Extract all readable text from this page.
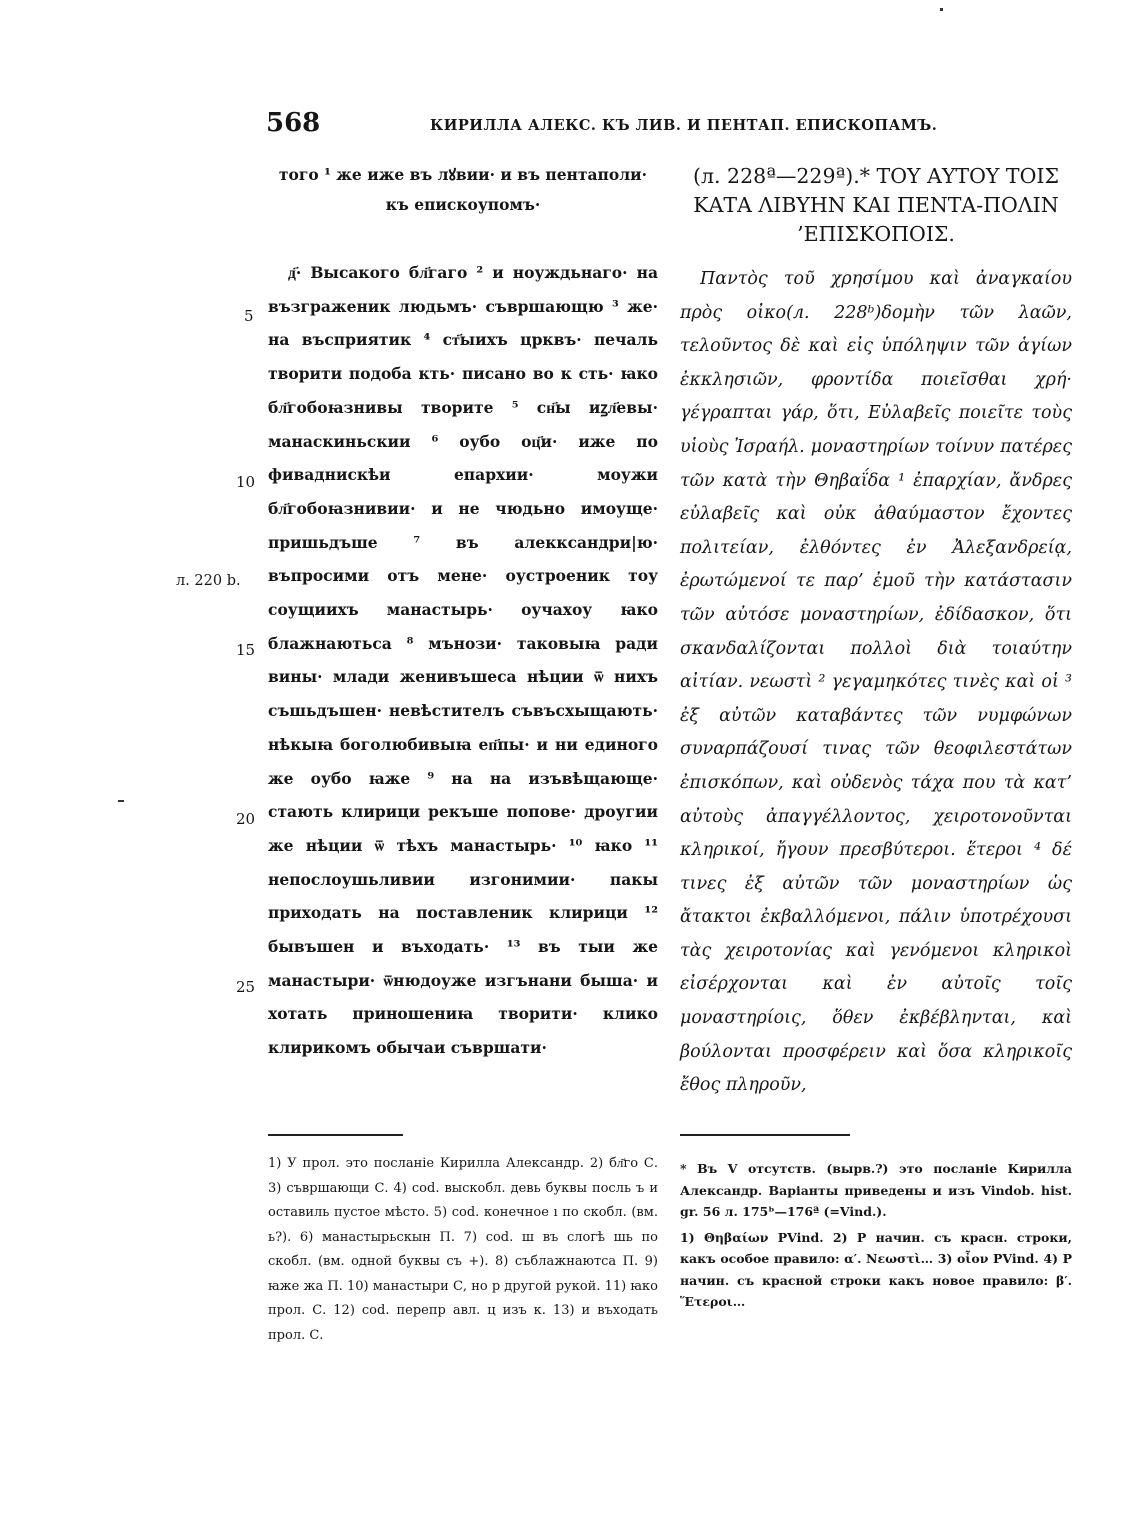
568	КИРИЛЛА АЛЕКС. КЪ ЛИВ. И ПЕНТАП. ЕПИСКОПАМЪ.

того ¹ же иже въ лꙋвии· и въ пентаполи· къ епискоупомъ·

д҃· Высакого бл҃гаго ² и ноуждьнаго· на възграженик людьмъ· съвршающю ³ же· на въсприятик ⁴ ст҃ыихъ црквъ· печаль творити подоба кть· писано во к сть· ꙗко бл҃гобоꙗзнивы творите ⁵ сн҃ы иꙁл҃евы· манаскиньскии ⁶ оубо оц҃и· иже по фиваднискѣи епархии· моужи бл҃гобоꙗзнивии· и не чюдьно имоуще· пришьдъше ⁷ въ алекксандри|ю· въпросими отъ мене· оустроеник тоу соущиихъ манастырь· оучахоу ꙗко блажнаютьса ⁸ мънози· таковыꙗ ради вины· млади женивъшеса нѣции ѿ нихъ съшьдъшен· невѣстителъ съвъсхыщають· нѣкыꙗ боголюбивыꙗ еп҃пы· и ни единого же оубо ꙗже ⁹ на на изъвѣщающе· стають клирици рекъше попове· дроугии же нѣции ѿ тѣхъ манастырь· ¹⁰ ꙗко ¹¹ непослоушьливии изгонимии· пакы приходать на поставленик клирици ¹² бывъшен и въходать· ¹³ въ тыи же манастыри· ѿнюдоуже изгънани бышa· и хотать приношениꙗ творити· клико клирикомъ обычаи съвршати·

(л. 228ª—229ª).* ΤΟΥ ΑΥΤΟΥ ΤΟΙΣ ΚΑΤΑ ΛΙΒΥΗΝ ΚΑΙ ΠΕΝΤΑ-ΠΟΛΙΝ ’ΕΠΙΣΚΟΠΟΙΣ.

Παντὸς τοῦ χρησίμου καὶ ἀναγκαίου πρὸς οἰκο(л. 228ᵇ)δομὴν τῶν λαῶν, τελοῦντος δὲ καὶ εἰς ὑπόληψιν τῶν ἁγίων ἐκκλησιῶν, φροντίδα ποιεῖσθαι χρή· γέγραπται γάρ, ὅτι, Εὐλαβεῖς ποιεῖτε τοὺς υἱοὺς Ἰσραήλ. μοναστηρίων τοίνυν πατέρες τῶν κατὰ τὴν Θηβαΐδα ¹ ἐπαρχίαν, ἄνδρες εὐλαβεῖς καὶ οὐκ ἀθαύμαστον ἔχοντες πολιτείαν, ἐλθόντες ἐν Ἀλεξανδρείᾳ, ἐρωτώμενοί τε παρ’ ἐμοῦ τὴν κατάστασιν τῶν αὐτόσε μοναστηρίων, ἐδίδασκον, ὅτι σκανδαλίζονται πολλοὶ διὰ τοιαύτην αἰτίαν. νεωστὶ ² γεγαμηκότες τινὲς καὶ οἱ ³ ἐξ αὐτῶν καταβάντες τῶν νυμφώνων συναρπάζουσί τινας τῶν θεοφιλεστάτων ἐπισκόπων, καὶ οὐδενὸς τάχα που τὰ κατ’ αὐτοὺς ἀπαγγέλλοντος, χειροτονοῦνται κληρικοί, ἤγουν πρεσβύτεροι. ἕτεροι ⁴ δέ τινες ἐξ αὐτῶν τῶν μοναστηρίων ὡς ἄτακτοι ἐκβαλλόμενοι, πάλιν ὑποτρέχουσι τὰς χειροτονίας καὶ γενόμενοι κληρικοὶ εἰσέρχονται καὶ ἐν αὐτοῖς τοῖς μοναστηρίοις, ὅθεν ἐκβέβληνται, καὶ βούλονται προσφέρειν καὶ ὅσα κληρικοῖς ἔθος πληροῦν,

5
10
15
20
25
л. 220 b.

1) У прол. это посланіе Кирилла Александр. 2) бл҃го С. 3) съвршающи С. 4) cod. выскобл. девь буквы посль ъ и оставиль пустое мѣсто. 5) cod. конечное ı по скобл. (вм. ь?). 6) манастырьскын П. 7) cod. ш въ слогѣ шь по скобл. (вм. одной буквы съ +). 8) съблажнаютса П. 9) ꙗже жа П. 10) манастыри С, но р другой рукой. 11) ꙗко прол. С. 12) cod. перепр авл. ц изъ к. 13) и въходать прол. С.

* Въ V отсутств. (вырв.?) это посланіе Кирилла Александр. Варіанты приведены и изъ Vindob. hist. gr. 56 л. 175ᵇ—176ª (=Vind.).

1) Θηβαίων PVind. 2) P начин. съ красн. строки, какъ особое правило: α′. Νεωστὶ… 3) οἶον PVind. 4) P начин. съ красной строки какъ новое правило: β′. Ἕτεροι…
